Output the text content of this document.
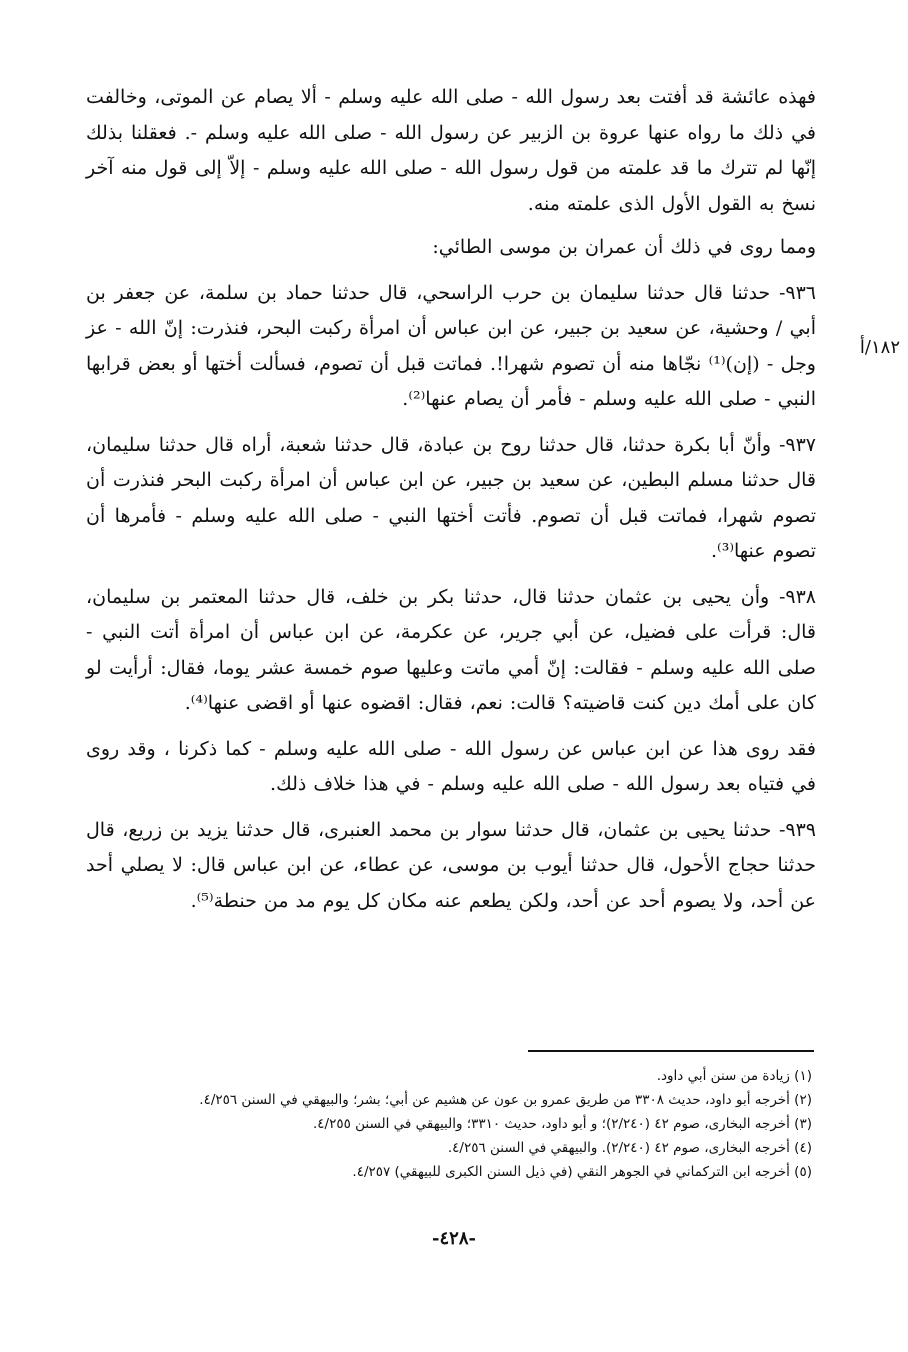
فهذه عائشة قد أفتت بعد رسول الله - صلى الله عليه وسلم - ألا يصام عن الموتى، وخالفت في ذلك ما رواه عنها عروة بن الزبير عن رسول الله - صلى الله عليه وسلم -. فعقلنا بذلك إنّها لم تترك ما قد علمته من قول رسول الله - صلى الله عليه وسلم - إلاّ إلى قول منه آخر نسخ به القول الأول الذى علمته منه.

ومما روى في ذلك أن عمران بن موسى الطائي:

٩٣٦- حدثنا قال حدثنا سليمان بن حرب الراسحي، قال حدثنا حماد بن سلمة، عن جعفر بن أبي / وحشية، عن سعيد بن جبير، عن ابن عباس أن امرأة ركبت البحر، فنذرت: إنّ الله - عز وجل - (إن)⁽¹⁾ نجّاها منه أن تصوم شهرا!. فماتت قبل أن تصوم، فسألت أختها أو بعض قرابها النبي - صلى الله عليه وسلم - فأمر أن يصام عنها⁽²⁾.

٩٣٧- وأنّ أبا بكرة حدثنا، قال حدثنا روح بن عبادة، قال حدثنا شعبة، أراه قال حدثنا سليمان، قال حدثنا مسلم البطين، عن سعيد بن جبير، عن ابن عباس أن امرأة ركبت البحر فنذرت أن تصوم شهرا، فماتت قبل أن تصوم. فأتت أختها النبي - صلى الله عليه وسلم - فأمرها أن تصوم عنها⁽³⁾.

٩٣٨- وأن يحيى بن عثمان حدثنا قال، حدثنا بكر بن خلف، قال حدثنا المعتمر بن سليمان، قال: قرأت على فضيل، عن أبي جرير، عن عكرمة، عن ابن عباس أن امرأة أتت النبي - صلى الله عليه وسلم - فقالت: إنّ أمي ماتت وعليها صوم خمسة عشر يوما، فقال: أرأيت لو كان على أمك دين كنت قاضيته؟ قالت: نعم، فقال: اقضوه عنها أو اقضى عنها⁽⁴⁾.

فقد روى هذا عن ابن عباس عن رسول الله - صلى الله عليه وسلم - كما ذكرنا ، وقد روى في فتياه بعد رسول الله - صلى الله عليه وسلم - في هذا خلاف ذلك.

٩٣٩- حدثنا يحيى بن عثمان، قال حدثنا سوار بن محمد العنبرى، قال حدثنا يزيد بن زريع، قال حدثنا حجاج الأحول، قال حدثنا أيوب بن موسى، عن عطاء، عن ابن عباس قال: لا يصلي أحد عن أحد، ولا يصوم أحد عن أحد، ولكن يطعم عنه مكان كل يوم مد من حنطة⁽⁵⁾.

١٨٢/أ

(١) زيادة من سنن أبي داود.

(٢) أخرجه أبو داود، حديث ٣٣٠٨ من طريق عمرو بن عون عن هشيم عن أبي؛ بشر؛ والبيهقي في السنن ٤/٢٥٦.

(٣) أخرجه البخارى، صوم ٤٢ (٢/٢٤٠)؛ و أبو داود، حديث ٣٣١٠؛ والبيهقي في السنن ٤/٢٥٥.

(٤) أخرجه البخارى، صوم ٤٢ (٢/٢٤٠). والبيهقي في السنن ٤/٢٥٦.

(٥) أخرجه ابن التركماني في الجوهر النقي (في ذيل السنن الكبرى للبيهقي) ٤/٢٥٧.

-٤٢٨-
